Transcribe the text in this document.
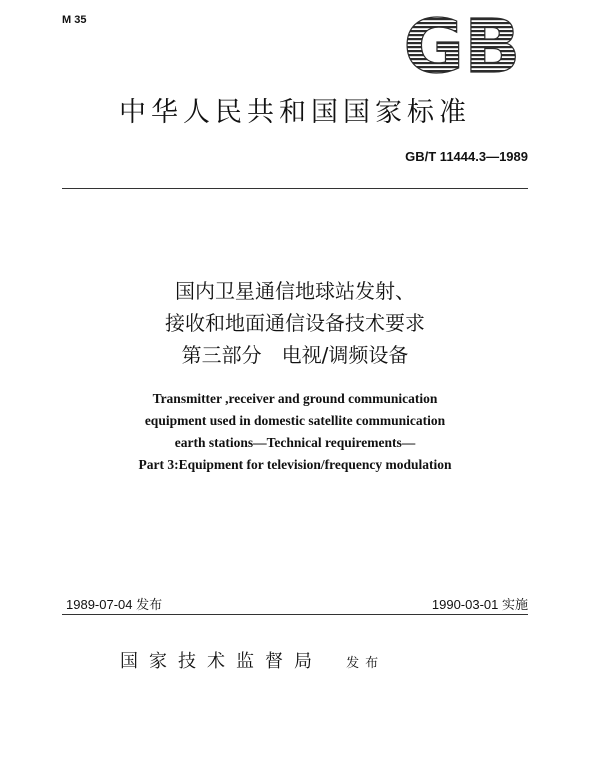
M 35	GB
中华人民共和国国家标准
GB/T 11444.3—1989
国内卫星通信地球站发射、
接收和地面通信设备技术要求
第三部分　电视/调频设备
Transmitter ,receiver and ground communication
equipment used in domestic satellite communication
earth stations—Technical requirements—
Part 3:Equipment for television/frequency modulation
1989-07-04 发布	1990-03-01 实施
国家技术监督局 发布
